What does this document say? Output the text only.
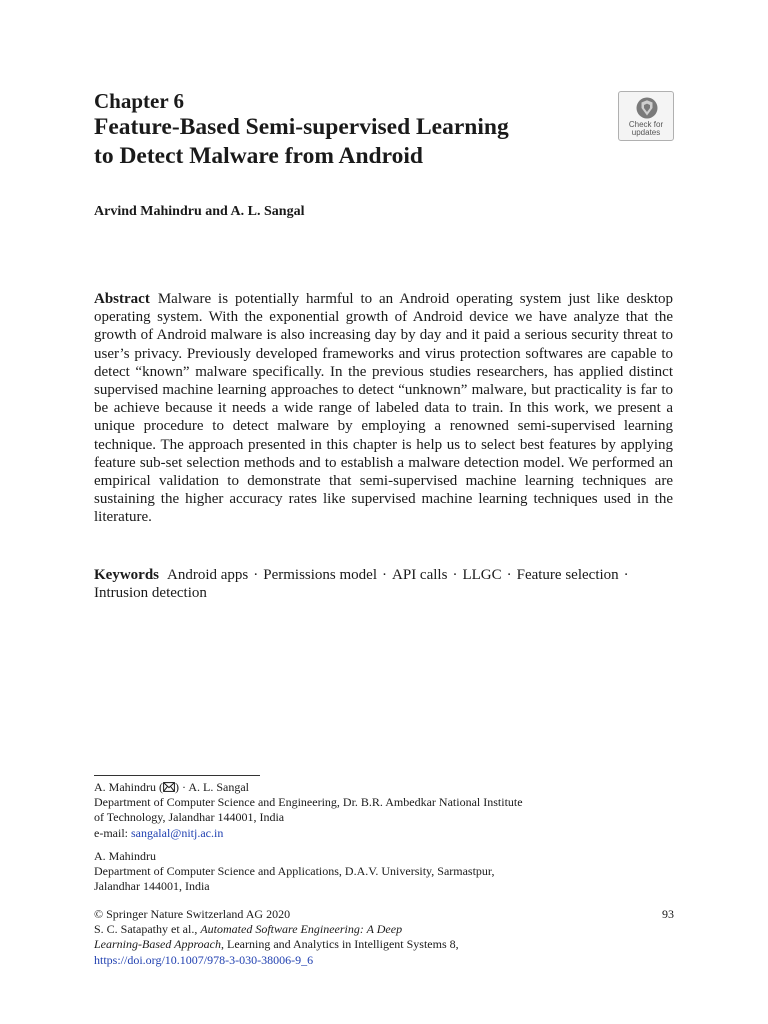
Chapter 6
Feature-Based Semi-supervised Learning
to Detect Malware from Android
Check for
updates
Arvind Mahindru and A. L. Sangal

Abstract Malware is potentially harmful to an Android operating system just like desktop operating system. With the exponential growth of Android device we have analyze that the growth of Android malware is also increasing day by day and it paid a serious security threat to user’s privacy. Previously developed frameworks and virus protection softwares are capable to detect “known” malware specifically. In the previous studies researchers, has applied distinct supervised machine learning approaches to detect “unknown” malware, but practicality is far to be achieve because it needs a wide range of labeled data to train. In this work, we present a unique procedure to detect malware by employing a renowned semi-supervised learning technique. The approach presented in this chapter is help us to select best features by applying feature sub-set selection methods and to establish a malware detection model. We performed an empirical validation to demonstrate that semi-supervised machine learning techniques are sustaining the higher accuracy rates like supervised machine learning techniques used in the literature.

Keywords Android apps · Permissions model · API calls · LLGC · Feature selection ·Intrusion detection

A. Mahindru ( ) · A. L. Sangal
Department of Computer Science and Engineering, Dr. B.R. Ambedkar National Institute
of Technology, Jalandhar 144001, India
e-mail: sangalal@nitj.ac.in
A. Mahindru
Department of Computer Science and Applications, D.A.V. University, Sarmastpur,
Jalandhar 144001, India
© Springer Nature Switzerland AG 2020
S. C. Satapathy et al., Automated Software Engineering: A Deep
Learning-Based Approach, Learning and Analytics in Intelligent Systems 8,
https://doi.org/10.1007/978-3-030-38006-9_6
93
